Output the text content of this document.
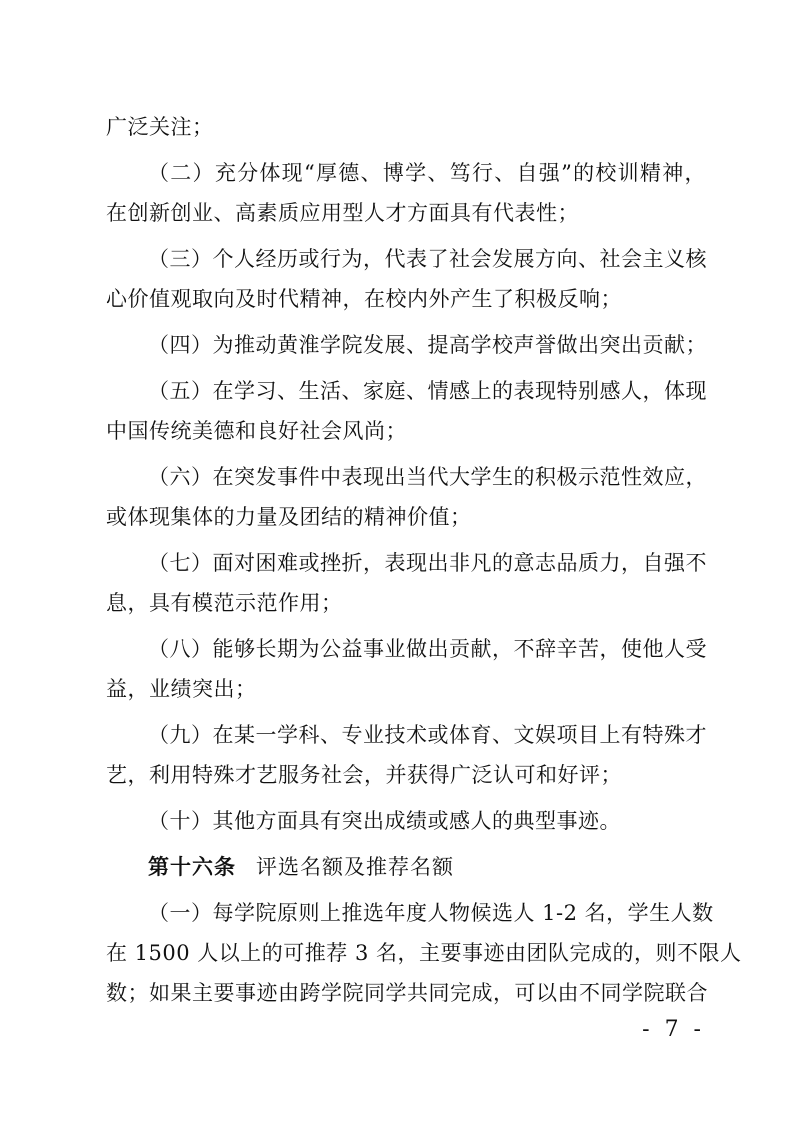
广泛关注；
（二）充分体现“厚德、博学、笃行、自强”的校训精神，
在创新创业、高素质应用型人才方面具有代表性；
（三）个人经历或行为，代表了社会发展方向、社会主义核
心价值观取向及时代精神，在校内外产生了积极反响；
（四）为推动黄淮学院发展、提高学校声誉做出突出贡献；
（五）在学习、生活、家庭、情感上的表现特别感人，体现
中国传统美德和良好社会风尚；
（六）在突发事件中表现出当代大学生的积极示范性效应，
或体现集体的力量及团结的精神价值；
（七）面对困难或挫折，表现出非凡的意志品质力，自强不
息，具有模范示范作用；
（八）能够长期为公益事业做出贡献，不辞辛苦，使他人受
益，业绩突出；
（九）在某一学科、专业技术或体育、文娱项目上有特殊才
艺，利用特殊才艺服务社会，并获得广泛认可和好评；
（十）其他方面具有突出成绩或感人的典型事迹。
第十六条 评选名额及推荐名额
（一）每学院原则上推选年度人物候选人 1-2 名，学生人数
在 1500 人以上的可推荐 3 名，主要事迹由团队完成的，则不限人
数；如果主要事迹由跨学院同学共同完成，可以由不同学院联合
- 7 -
